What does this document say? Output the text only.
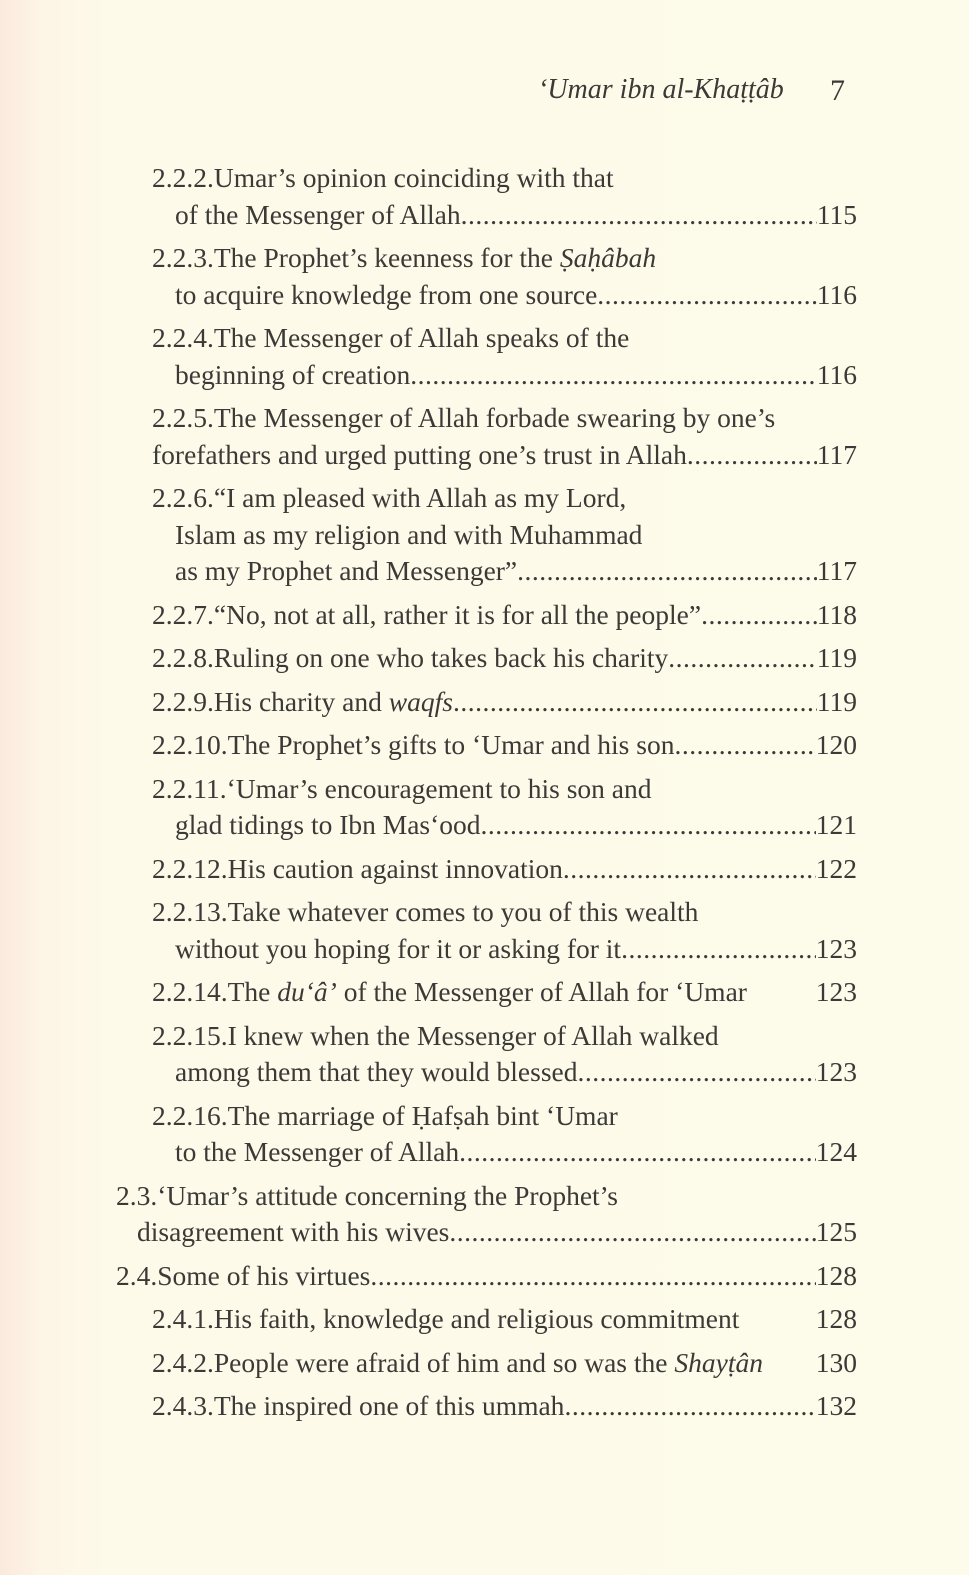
‘Umar ibn al-Khaṭṭâb 7
2.2.2. Umar’s opinion coinciding with that
of the Messenger of Allah .....	115
2.2.3. The Prophet’s keenness for the Ṣaḥâbah
to acquire knowledge from one source .....	116
2.2.4. The Messenger of Allah speaks of the
beginning of creation .....	116
2.2.5. The Messenger of Allah forbade swearing by one’s
forefathers and urged putting one’s trust in Allah .....	117
2.2.6. “I am pleased with Allah as my Lord,
Islam as my religion and with Muhammad
as my Prophet and Messenger” .....	117
2.2.7. “No, not at all, rather it is for all the people” .....	118
2.2.8. Ruling on one who takes back his charity .....	119
2.2.9. His charity and waqfs .....	119
2.2.10. The Prophet’s gifts to ‘Umar and his son .....	120
2.2.11. ‘Umar’s encouragement to his son and
glad tidings to Ibn Mas‘ood .....	121
2.2.12. His caution against innovation .....	122
2.2.13. Take whatever comes to you of this wealth
without you hoping for it or asking for it .....	123
2.2.14. The du‘â’ of the Messenger of Allah for ‘Umar	123
2.2.15. I knew when the Messenger of Allah walked
among them that they would blessed .....	123
2.2.16. The marriage of Ḥafṣah bint ‘Umar
to the Messenger of Allah .....	124
2.3. ‘Umar’s attitude concerning the Prophet’s
disagreement with his wives .....	125
2.4. Some of his virtues .....	128
2.4.1. His faith, knowledge and religious commitment	128
2.4.2. People were afraid of him and so was the Shayṭân 130
2.4.3. The inspired one of this ummah .....	132
